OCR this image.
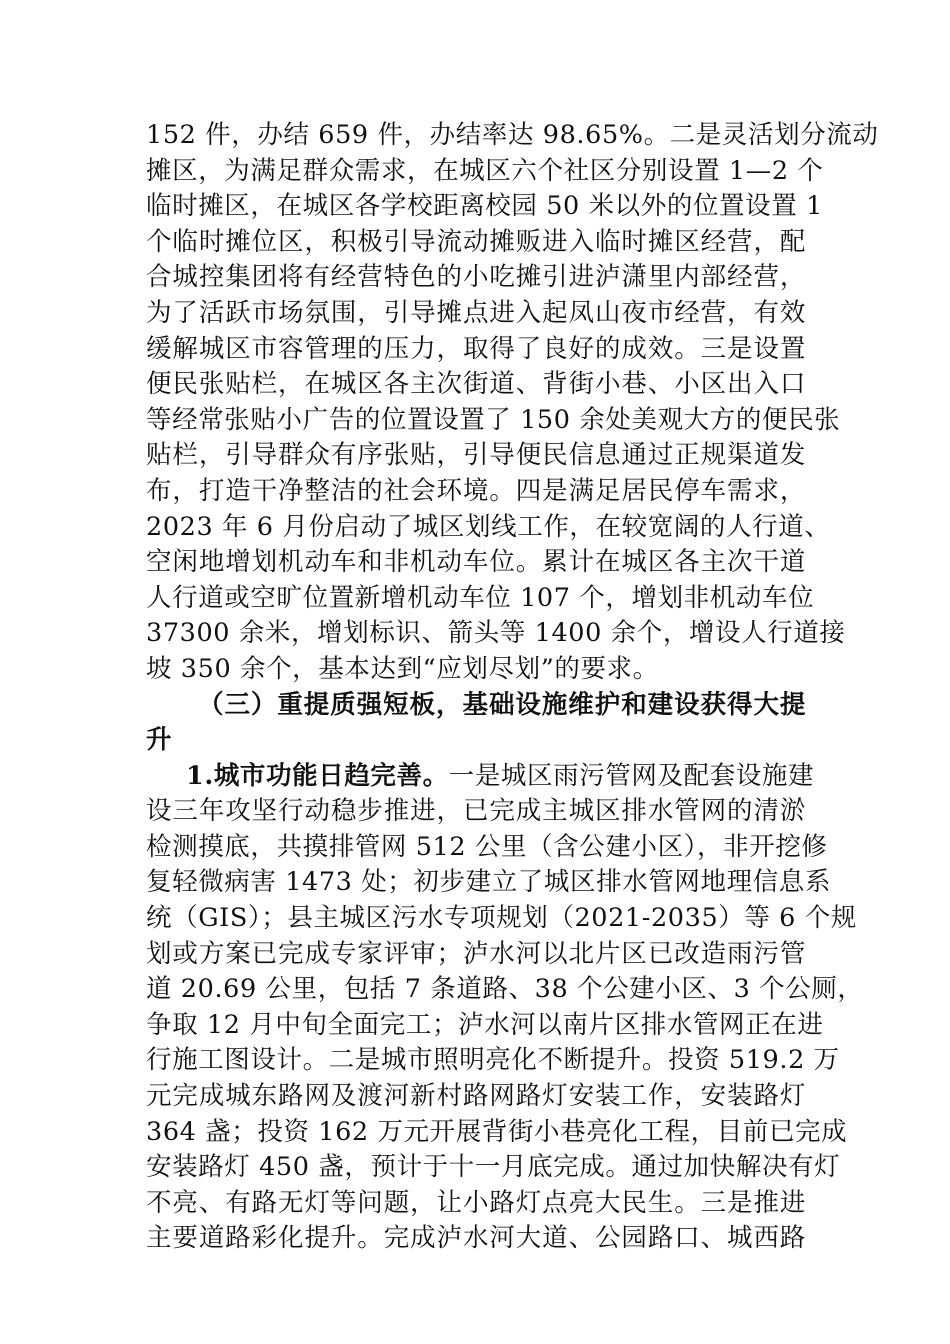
152 件，办结 659 件，办结率达 98.65%。二是灵活划分流动
摊区，为满足群众需求，在城区六个社区分别设置 1—2 个
临时摊区，在城区各学校距离校园 50 米以外的位置设置 1
个临时摊位区，积极引导流动摊贩进入临时摊区经营，配
合城控集团将有经营特色的小吃摊引进泸潇里内部经营，
为了活跃市场氛围，引导摊点进入起凤山夜市经营，有效
缓解城区市容管理的压力，取得了良好的成效。三是设置
便民张贴栏，在城区各主次街道、背街小巷、小区出入口
等经常张贴小广告的位置设置了 150 余处美观大方的便民张
贴栏，引导群众有序张贴，引导便民信息通过正规渠道发
布，打造干净整洁的社会环境。四是满足居民停车需求，
2023 年 6 月份启动了城区划线工作，在较宽阔的人行道、
空闲地增划机动车和非机动车位。累计在城区各主次干道
人行道或空旷位置新增机动车位 107 个，增划非机动车位
37300 余米，增划标识、箭头等 1400 余个，增设人行道接
坡 350 余个，基本达到“应划尽划”的要求。
（三）重提质强短板，基础设施维护和建设获得大提
升
1.城市功能日趋完善。一是城区雨污管网及配套设施建
设三年攻坚行动稳步推进，已完成主城区排水管网的清淤
检测摸底，共摸排管网 512 公里（含公建小区），非开挖修
复轻微病害 1473 处；初步建立了城区排水管网地理信息系
统（GIS）；县主城区污水专项规划（2021-2035）等 6 个规
划或方案已完成专家评审；泸水河以北片区已改造雨污管
道 20.69 公里，包括 7 条道路、38 个公建小区、3 个公厕，
争取 12 月中旬全面完工；泸水河以南片区排水管网正在进
行施工图设计。二是城市照明亮化不断提升。投资 519.2 万
元完成城东路网及渡河新村路网路灯安装工作，安装路灯
364 盏；投资 162 万元开展背街小巷亮化工程，目前已完成
安装路灯 450 盏，预计于十一月底完成。通过加快解决有灯
不亮、有路无灯等问题，让小路灯点亮大民生。三是推进
主要道路彩化提升。完成泸水河大道、公园路口、城西路
